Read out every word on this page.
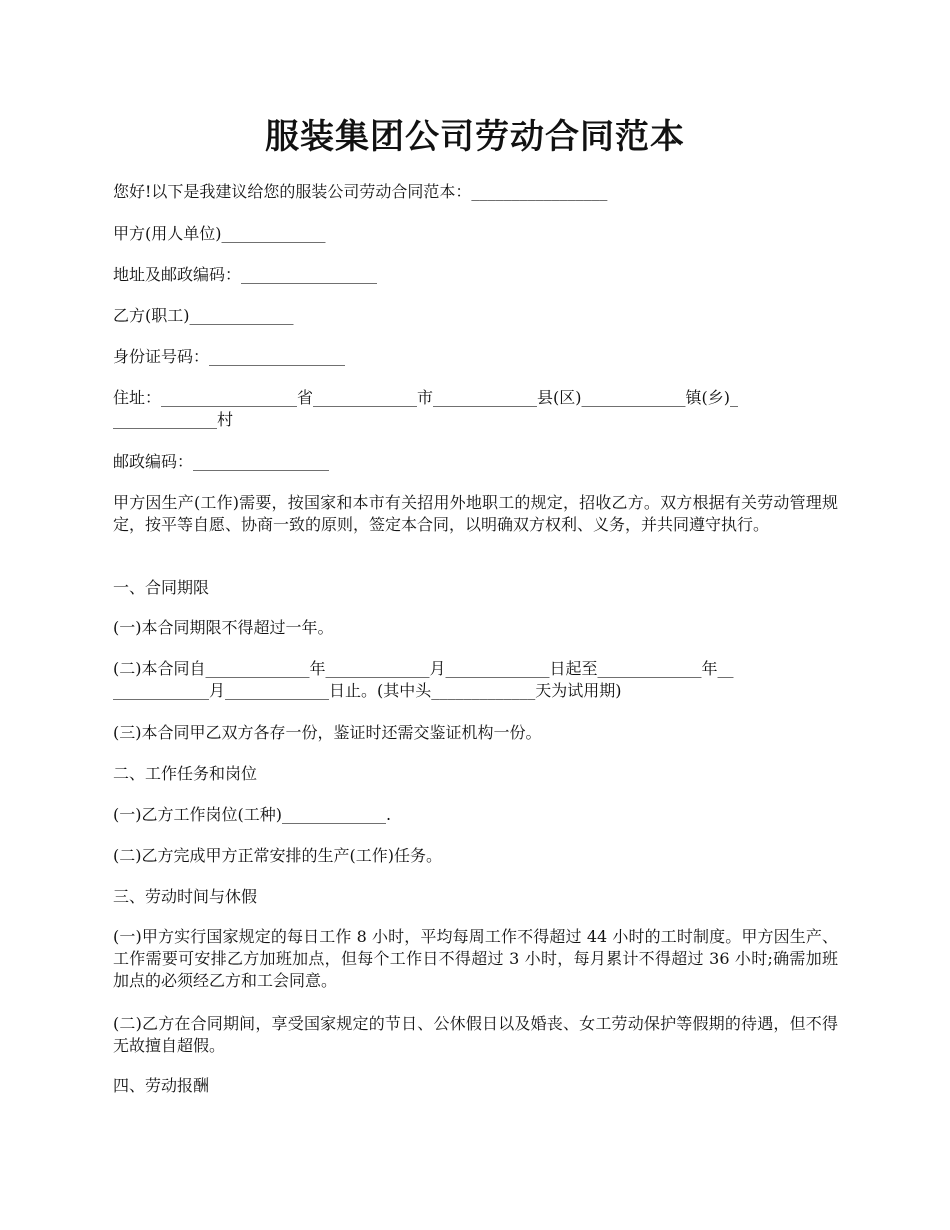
服装集团公司劳动合同范本

您好!以下是我建议给您的服装公司劳动合同范本：_________________

甲方(用人单位)_____________

地址及邮政编码：_________________

乙方(职工)_____________

身份证号码：_________________

住址：_________________省_____________市_____________县(区)_____________镇(乡)_
_____________村

邮政编码：_________________

甲方因生产(工作)需要，按国家和本市有关招用外地职工的规定，招收乙方。双方根据有关劳动管理规定，按平等自愿、协商一致的原则，签定本合同，以明确双方权利、义务，并共同遵守执行。

一、合同期限

(一)本合同期限不得超过一年。

(二)本合同自_____________年_____________月_____________日起至_____________年__
____________月_____________日止。(其中头_____________天为试用期)

(三)本合同甲乙双方各存一份，鉴证时还需交鉴证机构一份。

二、工作任务和岗位

(一)乙方工作岗位(工种)_____________.

(二)乙方完成甲方正常安排的生产(工作)任务。

三、劳动时间与休假

(一)甲方实行国家规定的每日工作 8 小时，平均每周工作不得超过 44 小时的工时制度。甲方因生产、工作需要可安排乙方加班加点，但每个工作日不得超过 3 小时，每月累计不得超过 36 小时;确需加班加点的必须经乙方和工会同意。

(二)乙方在合同期间，享受国家规定的节日、公休假日以及婚丧、女工劳动保护等假期的待遇，但不得无故擅自超假。

四、劳动报酬
